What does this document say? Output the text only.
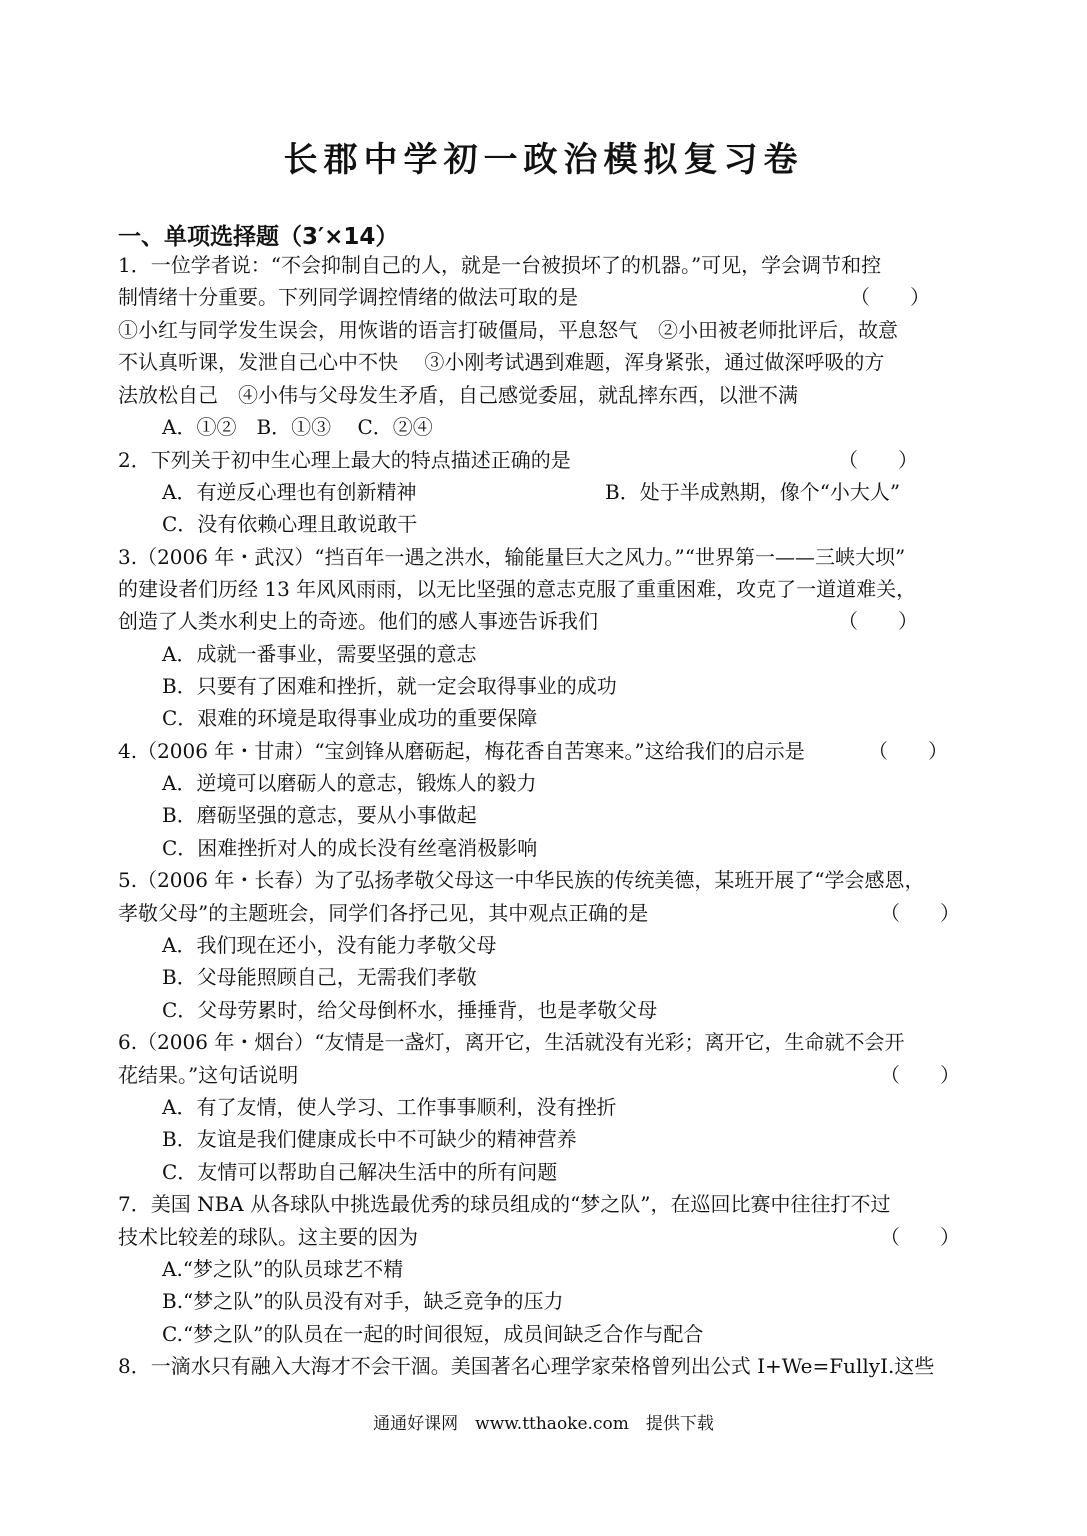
长郡中学初一政治模拟复习卷
一、单项选择题（3′×14）
1．一位学者说：“不会抑制自己的人，就是一台被损坏了的机器。”可见，学会调节和控
制情绪十分重要。下列同学调控情绪的做法可取的是	（　　）
①小红与同学发生误会，用恢谐的语言打破僵局，平息怒气　②小田被老师批评后，故意
不认真听课，发泄自己心中不快　 ③小刚考试遇到难题，浑身紧张，通过做深呼吸的方
法放松自己　④小伟与父母发生矛盾，自己感觉委屈，就乱摔东西，以泄不满
A．①②　B．①③　 C．②④
2．下列关于初中生心理上最大的特点描述正确的是	（　　）
A．有逆反心理也有创新精神	B．处于半成熟期，像个“小大人”
C．没有依赖心理且敢说敢干
3.（2006 年・武汉）“挡百年一遇之洪水，输能量巨大之风力。”“世界第一——三峡大坝”
的建设者们历经 13 年风风雨雨，以无比坚强的意志克服了重重困难，攻克了一道道难关，
创造了人类水利史上的奇迹。他们的感人事迹告诉我们	（　　）
A．成就一番事业，需要坚强的意志
B．只要有了困难和挫折，就一定会取得事业的成功
C．艰难的环境是取得事业成功的重要保障
4.（2006 年・甘肃）“宝剑锋从磨砺起，梅花香自苦寒来。”这给我们的启示是	（　　）
A．逆境可以磨砺人的意志，锻炼人的毅力
B．磨砺坚强的意志，要从小事做起
C．困难挫折对人的成长没有丝毫消极影响
5.（2006 年・长春）为了弘扬孝敬父母这一中华民族的传统美德，某班开展了“学会感恩，
孝敬父母”的主题班会，同学们各抒己见，其中观点正确的是	（　　）
A．我们现在还小，没有能力孝敬父母
B．父母能照顾自己，无需我们孝敬
C．父母劳累时，给父母倒杯水，捶捶背，也是孝敬父母
6.（2006 年・烟台）“友情是一盏灯，离开它，生活就没有光彩；离开它，生命就不会开
花结果。”这句话说明	（　　）
A．有了友情，使人学习、工作事事顺利，没有挫折
B．友谊是我们健康成长中不可缺少的精神营养
C．友情可以帮助自己解决生活中的所有问题
7．美国 NBA 从各球队中挑选最优秀的球员组成的“梦之队”，在巡回比赛中往往打不过
技术比较差的球队。这主要的因为	（　　）
A.“梦之队”的队员球艺不精
B.“梦之队”的队员没有对手，缺乏竞争的压力
C.“梦之队”的队员在一起的时间很短，成员间缺乏合作与配合
8．一滴水只有融入大海才不会干涸。美国著名心理学家荣格曾列出公式 I+We=FullyI.这些
通通好课网　www.tthaoke.com　提供下载
